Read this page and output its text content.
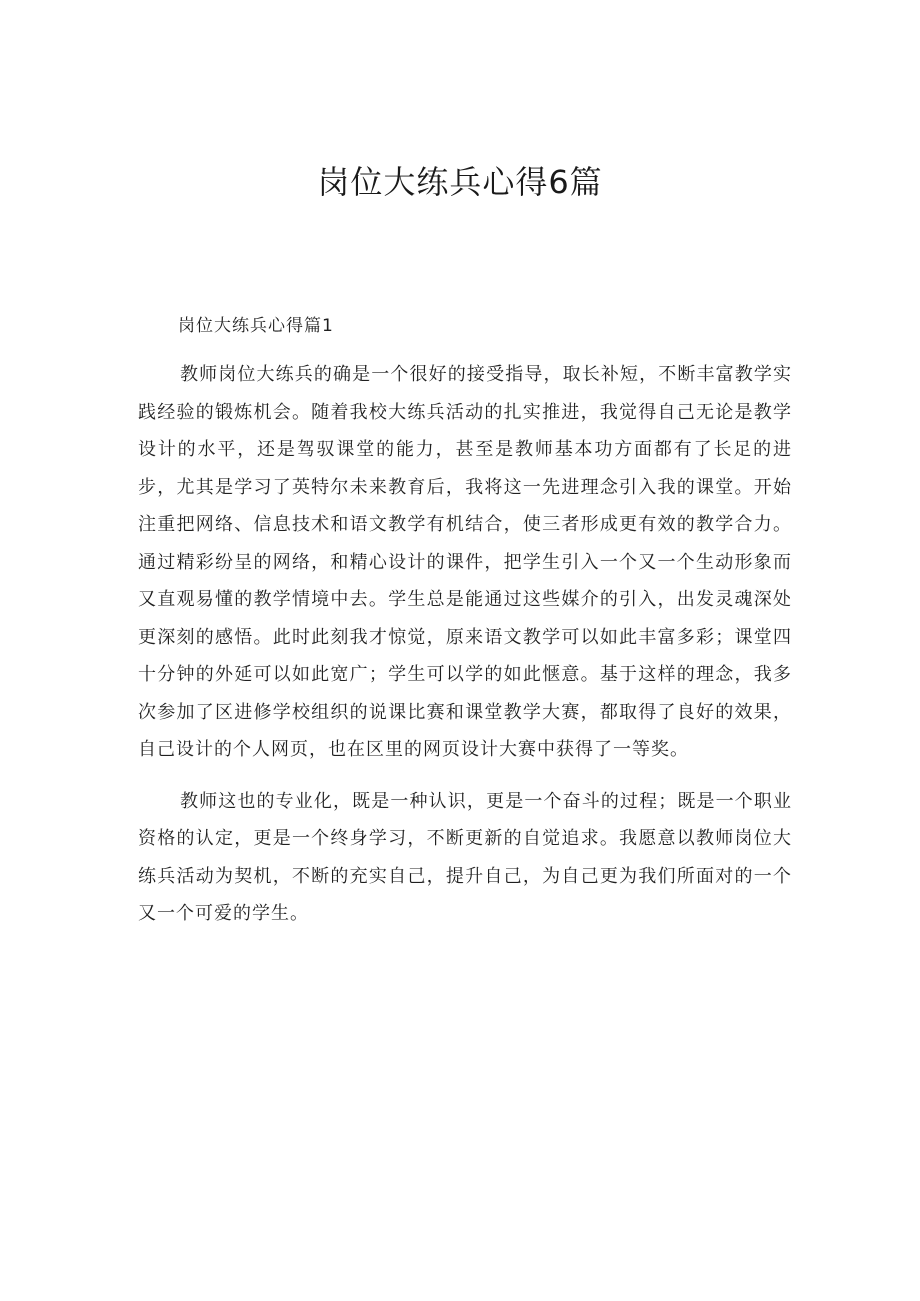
岗位大练兵心得6篇

岗位大练兵心得篇1

教师岗位大练兵的确是一个很好的接受指导，取长补短，不断丰富教学实践经验的锻炼机会。随着我校大练兵活动的扎实推进，我觉得自己无论是教学设计的水平，还是驾驭课堂的能力，甚至是教师基本功方面都有了长足的进步，尤其是学习了英特尔未来教育后，我将这一先进理念引入我的课堂。开始注重把网络、信息技术和语文教学有机结合，使三者形成更有效的教学合力。通过精彩纷呈的网络，和精心设计的课件，把学生引入一个又一个生动形象而又直观易懂的教学情境中去。学生总是能通过这些媒介的引入，出发灵魂深处更深刻的感悟。此时此刻我才惊觉，原来语文教学可以如此丰富多彩；课堂四十分钟的外延可以如此宽广；学生可以学的如此惬意。基于这样的理念，我多次参加了区进修学校组织的说课比赛和课堂教学大赛，都取得了良好的效果，自己设计的个人网页，也在区里的网页设计大赛中获得了一等奖。

教师这也的专业化，既是一种认识，更是一个奋斗的过程；既是一个职业资格的认定，更是一个终身学习，不断更新的自觉追求。我愿意以教师岗位大练兵活动为契机，不断的充实自己，提升自己，为自己更为我们所面对的一个又一个可爱的学生。
